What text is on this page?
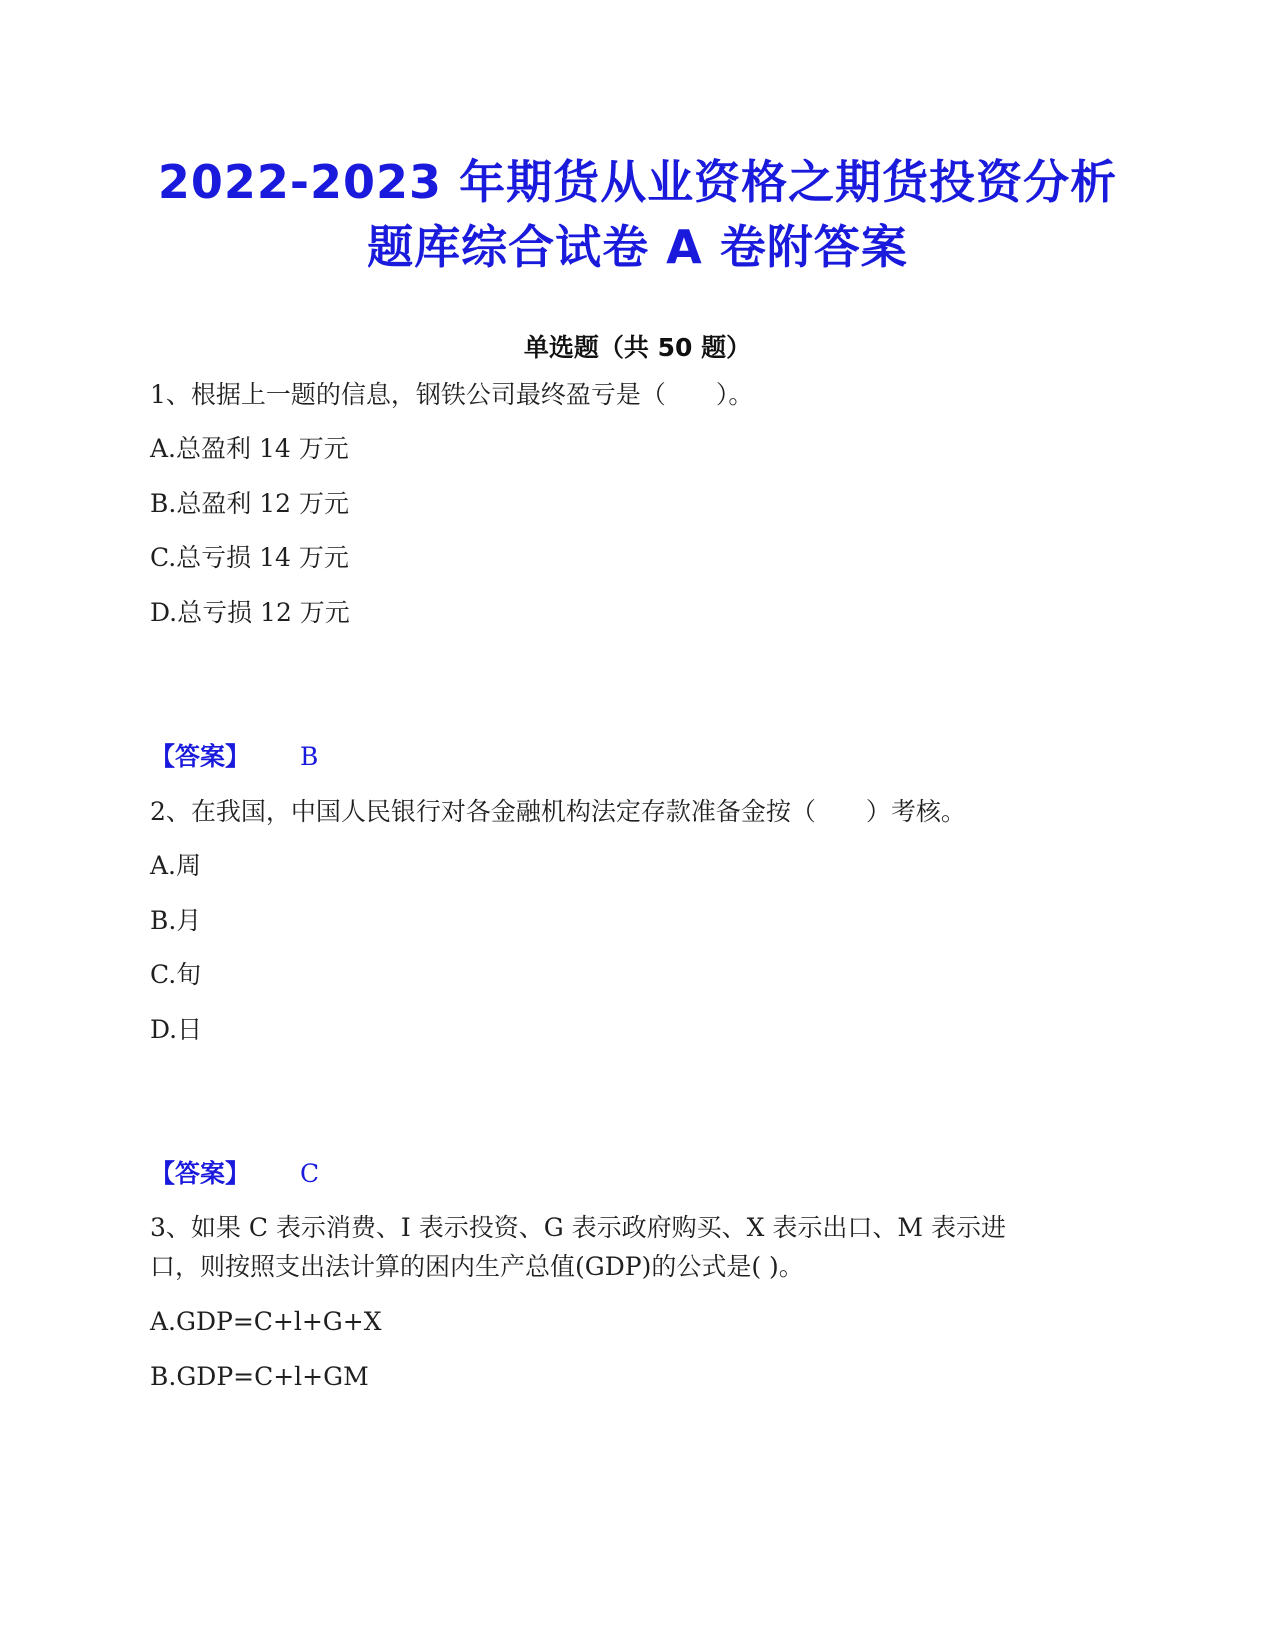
2022-2023 年期货从业资格之期货投资分析
题库综合试卷 A 卷附答案
单选题（共 50 题）
1、根据上一题的信息，钢铁公司最终盈亏是（　　）。
A.总盈利 14 万元
B.总盈利 12 万元
C.总亏损 14 万元
D.总亏损 12 万元
【答案】 B
2、在我国，中国人民银行对各金融机构法定存款准备金按（　　）考核。
A.周
B.月
C.旬
D.日
【答案】 C
3、如果 C 表示消费、I 表示投资、G 表示政府购买、X 表示出口、M 表示进
口，则按照支出法计算的困内生产总值(GDP)的公式是( )。
A.GDP=C+l+G+X
B.GDP=C+l+GM
